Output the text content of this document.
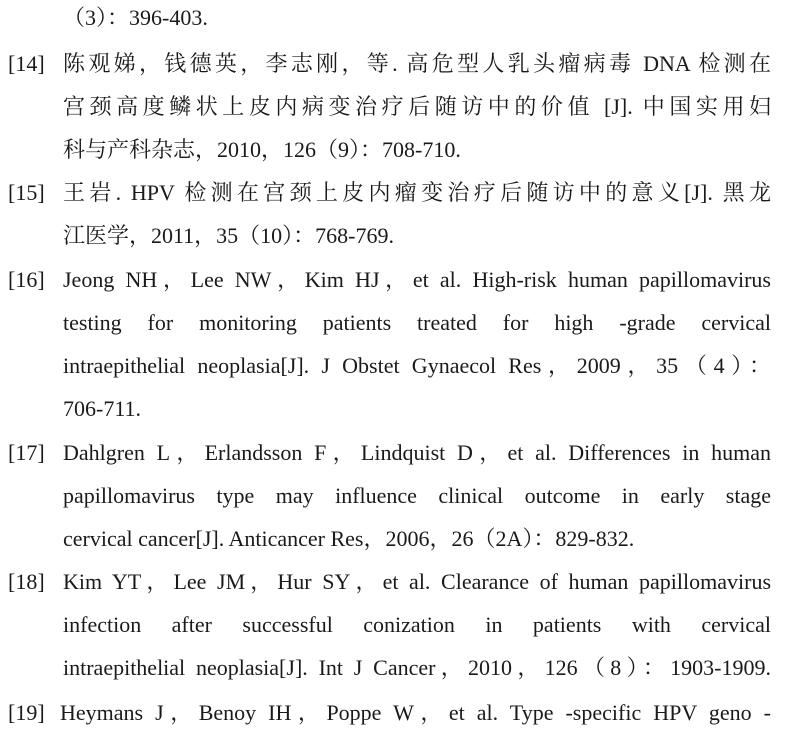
（3）：396-403.
[14] 陈观娣，钱德英，李志刚，等. 高危型人乳头瘤病毒 DNA 检测在
宫颈高度鳞状上皮内病变治疗后随访中的价值 [J]. 中国实用妇
科与产科杂志，2010，126（9）：708-710.
[15] 王岩. HPV 检测在宫颈上皮内瘤变治疗后随访中的意义[J]. 黑龙
江医学，2011，35（10）：768-769.
[16] Jeong NH，Lee NW，Kim HJ，et al. High-risk human papillomavirus
testing for monitoring patients treated for high -grade cervical
intraepithelial neoplasia[J]. J Obstet Gynaecol Res，2009，35（4）：
706-711.
[17] Dahlgren L，Erlandsson F，Lindquist D，et al. Differences in human
papillomavirus type may influence clinical outcome in early stage
cervical cancer[J]. Anticancer Res，2006，26（2A）：829-832.
[18] Kim YT，Lee JM，Hur SY，et al. Clearance of human papillomavirus
infection after successful conization in patients with cervical
intraepithelial neoplasia[J]. Int J Cancer，2010，126（8）：1903-1909.
[19] Heymans J，Benoy IH，Poppe W，et al. Type -specific HPV geno -
